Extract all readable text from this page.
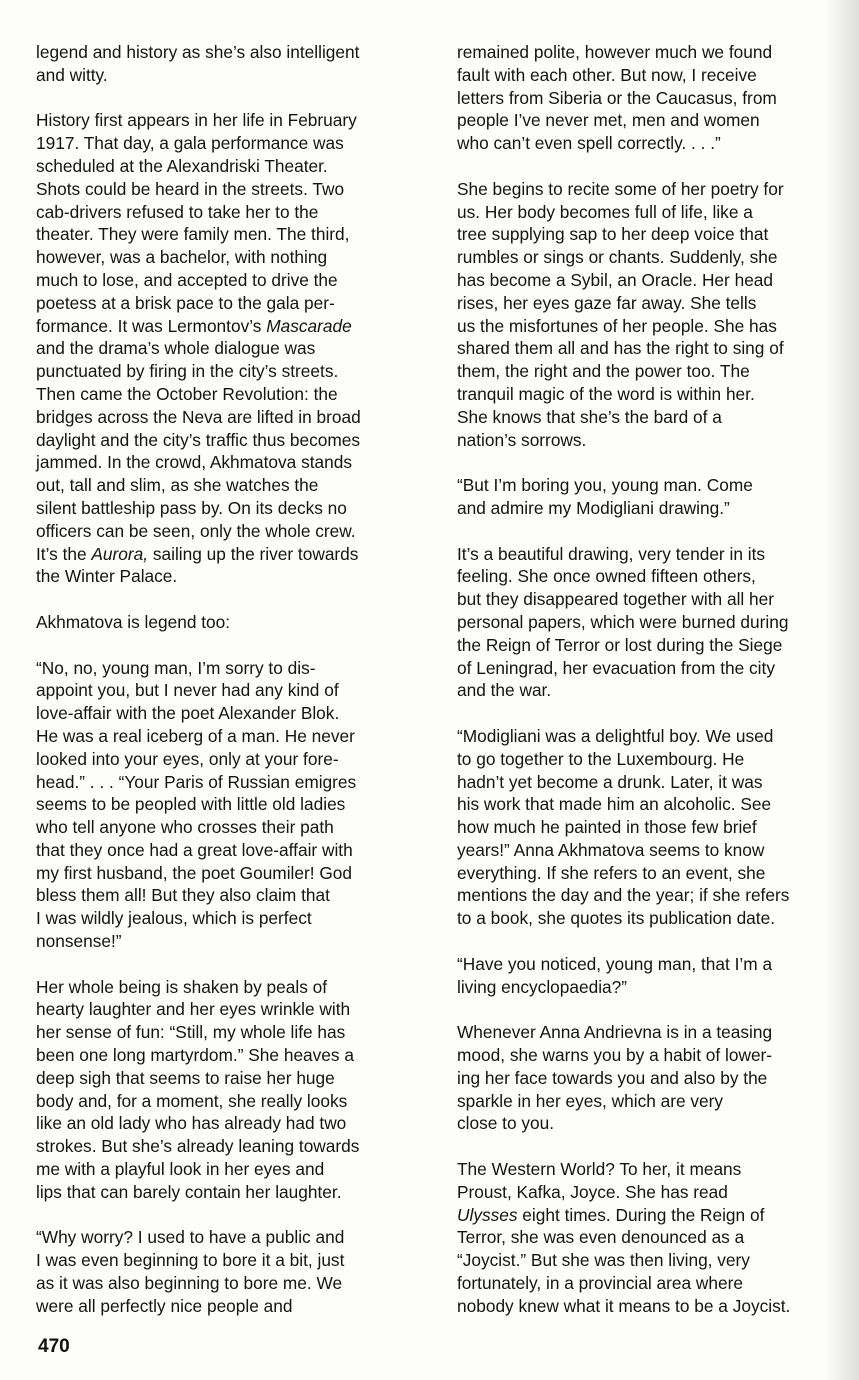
legend and history as she’s also intelligent
and witty.

History first appears in her life in February
1917. That day, a gala performance was
scheduled at the Alexandriski Theater.
Shots could be heard in the streets. Two
cab-drivers refused to take her to the
theater. They were family men. The third,
however, was a bachelor, with nothing
much to lose, and accepted to drive the
poetess at a brisk pace to the gala per-
formance. It was Lermontov’s Mascarade
and the drama’s whole dialogue was
punctuated by firing in the city’s streets.
Then came the October Revolution: the
bridges across the Neva are lifted in broad
daylight and the city’s traffic thus becomes
jammed. In the crowd, Akhmatova stands
out, tall and slim, as she watches the
silent battleship pass by. On its decks no
officers can be seen, only the whole crew.
It’s the Aurora, sailing up the river towards
the Winter Palace.

Akhmatova is legend too:

“No, no, young man, I’m sorry to dis-
appoint you, but I never had any kind of
love-affair with the poet Alexander Blok.
He was a real iceberg of a man. He never
looked into your eyes, only at your fore-
head.” . . . “Your Paris of Russian emigres
seems to be peopled with little old ladies
who tell anyone who crosses their path
that they once had a great love-affair with
my first husband, the poet Goumiler! God
bless them all! But they also claim that
I was wildly jealous, which is perfect
nonsense!”

Her whole being is shaken by peals of
hearty laughter and her eyes wrinkle with
her sense of fun: “Still, my whole life has
been one long martyrdom.” She heaves a
deep sigh that seems to raise her huge
body and, for a moment, she really looks
like an old lady who has already had two
strokes. But she’s already leaning towards
me with a playful look in her eyes and
lips that can barely contain her laughter.

“Why worry? I used to have a public and
I was even beginning to bore it a bit, just
as it was also beginning to bore me. We
were all perfectly nice people and

remained polite, however much we found
fault with each other. But now, I receive
letters from Siberia or the Caucasus, from
people I’ve never met, men and women
who can’t even spell correctly. . . .”

She begins to recite some of her poetry for
us. Her body becomes full of life, like a
tree supplying sap to her deep voice that
rumbles or sings or chants. Suddenly, she
has become a Sybil, an Oracle. Her head
rises, her eyes gaze far away. She tells
us the misfortunes of her people. She has
shared them all and has the right to sing of
them, the right and the power too. The
tranquil magic of the word is within her.
She knows that she’s the bard of a
nation’s sorrows.

“But I’m boring you, young man. Come
and admire my Modigliani drawing.”

It’s a beautiful drawing, very tender in its
feeling. She once owned fifteen others,
but they disappeared together with all her
personal papers, which were burned during
the Reign of Terror or lost during the Siege
of Leningrad, her evacuation from the city
and the war.

“Modigliani was a delightful boy. We used
to go together to the Luxembourg. He
hadn’t yet become a drunk. Later, it was
his work that made him an alcoholic. See
how much he painted in those few brief
years!” Anna Akhmatova seems to know
everything. If she refers to an event, she
mentions the day and the year; if she refers
to a book, she quotes its publication date.

“Have you noticed, young man, that I’m a
living encyclopaedia?”

Whenever Anna Andrievna is in a teasing
mood, she warns you by a habit of lower-
ing her face towards you and also by the
sparkle in her eyes, which are very
close to you.

The Western World? To her, it means
Proust, Kafka, Joyce. She has read
Ulysses eight times. During the Reign of
Terror, she was even denounced as a
“Joycist.” But she was then living, very
fortunately, in a provincial area where
nobody knew what it means to be a Joycist.

470
